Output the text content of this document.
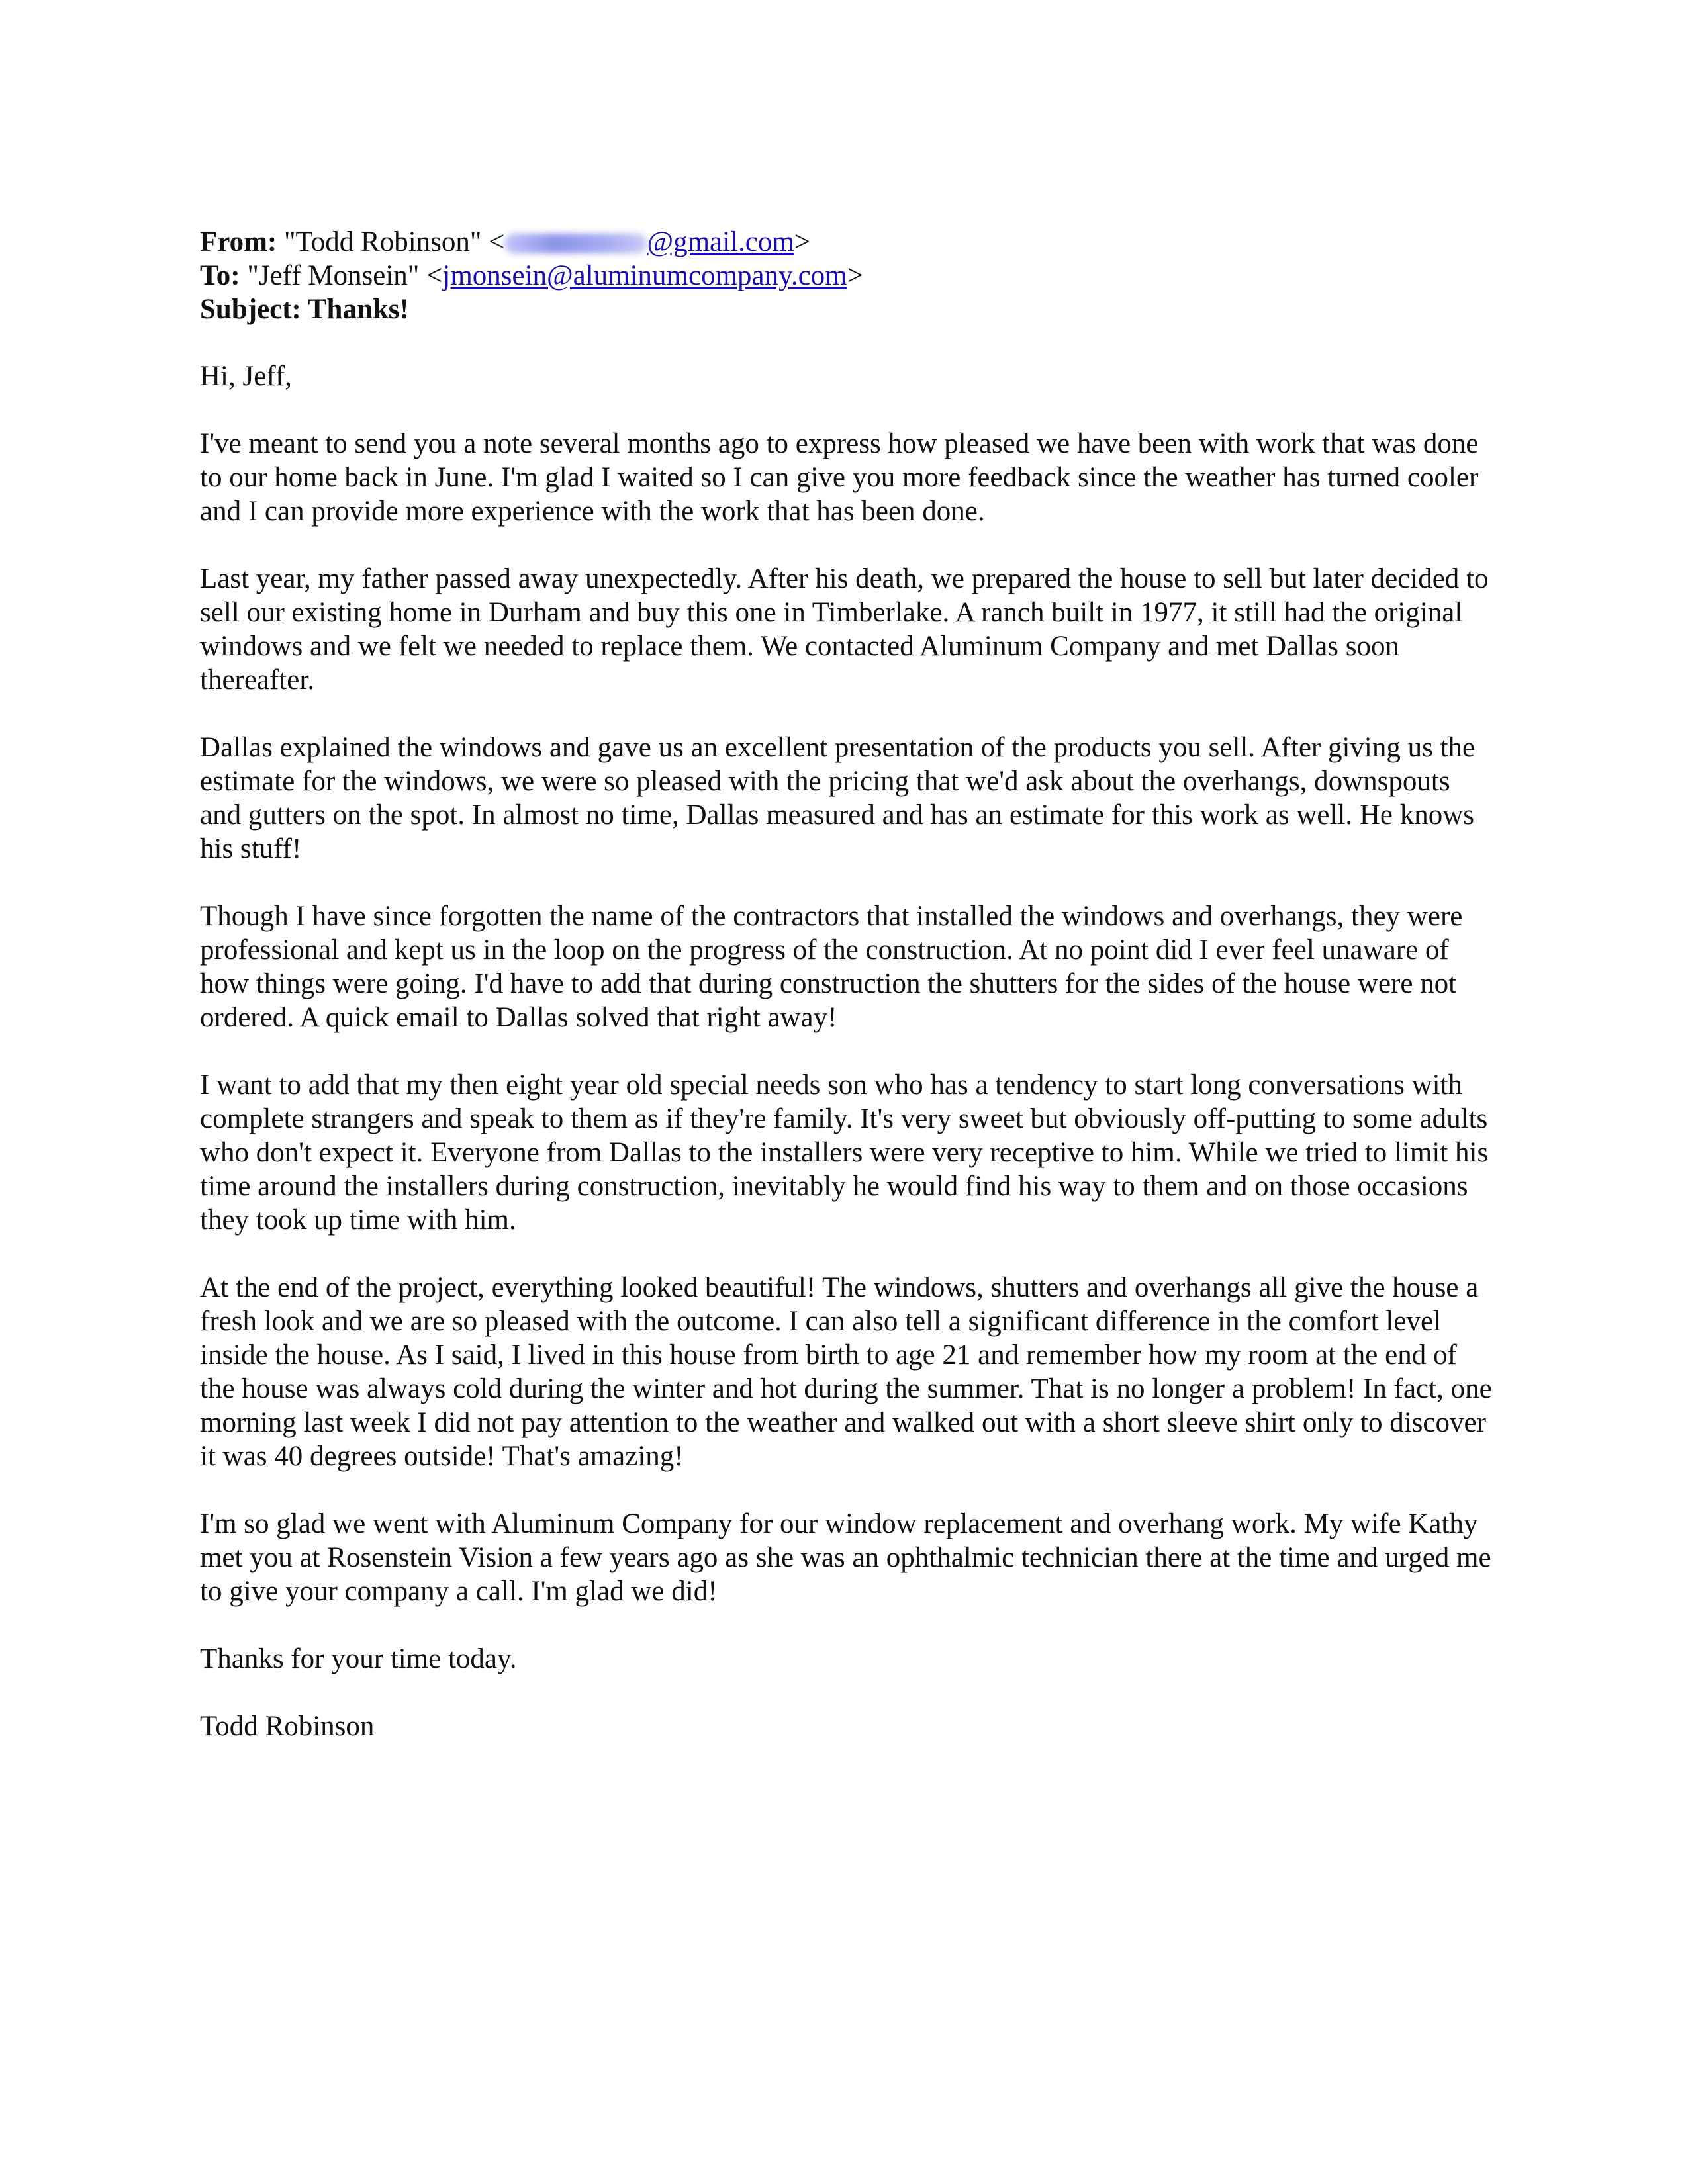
From: "Todd Robinson" <	@gmail.com>
To: "Jeff Monsein" <jmonsein@aluminumcompany.com>
Subject: Thanks!
Hi, Jeff,
I've meant to send you a note several months ago to express how pleased we have been with work that was done to our home back in June. I'm glad I waited so I can give you more feedback since the weather has turned cooler and I can provide more experience with the work that has been done.
Last year, my father passed away unexpectedly. After his death, we prepared the house to sell but later decided to sell our existing home in Durham and buy this one in Timberlake. A ranch built in 1977, it still had the original windows and we felt we needed to replace them. We contacted Aluminum Company and met Dallas soon thereafter.
Dallas explained the windows and gave us an excellent presentation of the products you sell. After giving us the estimate for the windows, we were so pleased with the pricing that we'd ask about the overhangs, downspouts and gutters on the spot. In almost no time, Dallas measured and has an estimate for this work as well. He knows his stuff!
Though I have since forgotten the name of the contractors that installed the windows and overhangs, they were professional and kept us in the loop on the progress of the construction. At no point did I ever feel unaware of how things were going. I'd have to add that during construction the shutters for the sides of the house were not ordered. A quick email to Dallas solved that right away!
I want to add that my then eight year old special needs son who has a tendency to start long conversations with complete strangers and speak to them as if they're family. It's very sweet but obviously off-putting to some adults who don't expect it. Everyone from Dallas to the installers were very receptive to him. While we tried to limit his time around the installers during construction, inevitably he would find his way to them and on those occasions they took up time with him.
At the end of the project, everything looked beautiful! The windows, shutters and overhangs all give the house a fresh look and we are so pleased with the outcome. I can also tell a significant difference in the comfort level inside the house. As I said, I lived in this house from birth to age 21 and remember how my room at the end of the house was always cold during the winter and hot during the summer. That is no longer a problem! In fact, one morning last week I did not pay attention to the weather and walked out with a short sleeve shirt only to discover it was 40 degrees outside! That's amazing!
I'm so glad we went with Aluminum Company for our window replacement and overhang work. My wife Kathy met you at Rosenstein Vision a few years ago as she was an ophthalmic technician there at the time and urged me to give your company a call. I'm glad we did!
Thanks for your time today.
Todd Robinson
